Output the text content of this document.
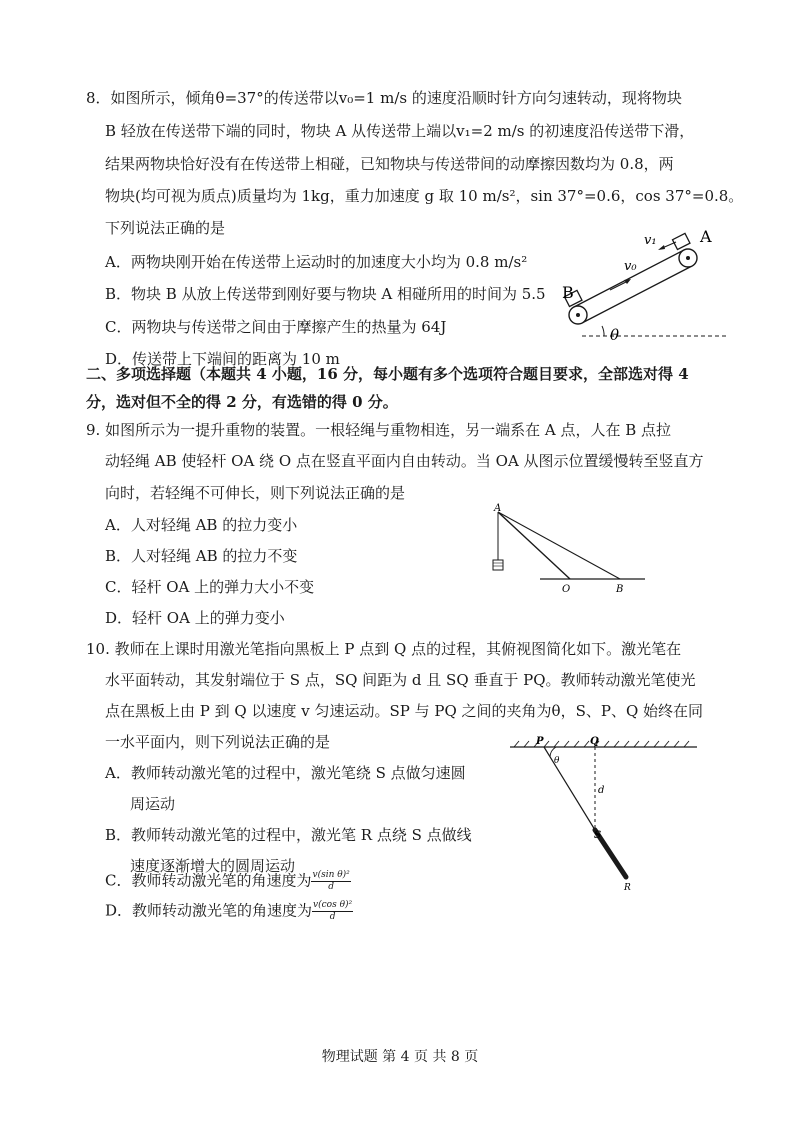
8．如图所示，倾角θ=37°的传送带以v₀=1 m/s 的速度沿顺时针方向匀速转动，现将物块
B 轻放在传送带下端的同时，物块 A 从传送带上端以v₁=2 m/s 的初速度沿传送带下滑，
结果两物块恰好没有在传送带上相碰，已知物块与传送带间的动摩擦因数均为 0.8，两
物块(均可视为质点)质量均为 1kg，重力加速度 g 取 10 m/s²，sin 37°=0.6，cos 37°=0.8。
下列说法正确的是
A．两物块刚开始在传送带上运动时的加速度大小均为 0.8 m/s²
B．物块 B 从放上传送带到刚好要与物块 A 相碰所用的时间为 5.5
C．两物块与传送带之间由于摩擦产生的热量为 64J
D．传送带上下端间的距离为 10 m
A
B
v₁
v₀
θ
二、多项选择题（本题共 4 小题，16 分，每小题有多个选项符合题目要求，全部选对得 4
分，选对但不全的得 2 分，有选错的得 0 分。
9. 如图所示为一提升重物的装置。一根轻绳与重物相连，另一端系在 A 点，人在 B 点拉
动轻绳 AB 使轻杆 OA 绕 O 点在竖直平面内自由转动。当 OA 从图示位置缓慢转至竖直方
向时，若轻绳不可伸长，则下列说法正确的是
A．人对轻绳 AB 的拉力变小
B．人对轻绳 AB 的拉力不变
C．轻杆 OA 上的弹力大小不变
D．轻杆 OA 上的弹力变小
A
O	B
10. 教师在上课时用激光笔指向黑板上 P 点到 Q 点的过程，其俯视图简化如下。激光笔在
水平面转动，其发射端位于 S 点，SQ 间距为 d 且 SQ 垂直于 PQ。教师转动激光笔使光
点在黑板上由 P 到 Q 以速度 v 匀速运动。SP 与 PQ 之间的夹角为θ，S、P、Q 始终在同
一水平面内，则下列说法正确的是
A．教师转动激光笔的过程中，激光笔绕 S 点做匀速圆
周运动
B．教师转动激光笔的过程中，激光笔 R 点绕 S 点做线
速度逐渐增大的圆周运动
C．教师转动激光笔的角速度为 $\frac{\text{v(sin θ)²}}{d}$
D．教师转动激光笔的角速度为 $\frac{\text{v(cos θ)²}}{d}$
P	Q
θ
d
S
R
物理试题 第 4 页 共 8 页
